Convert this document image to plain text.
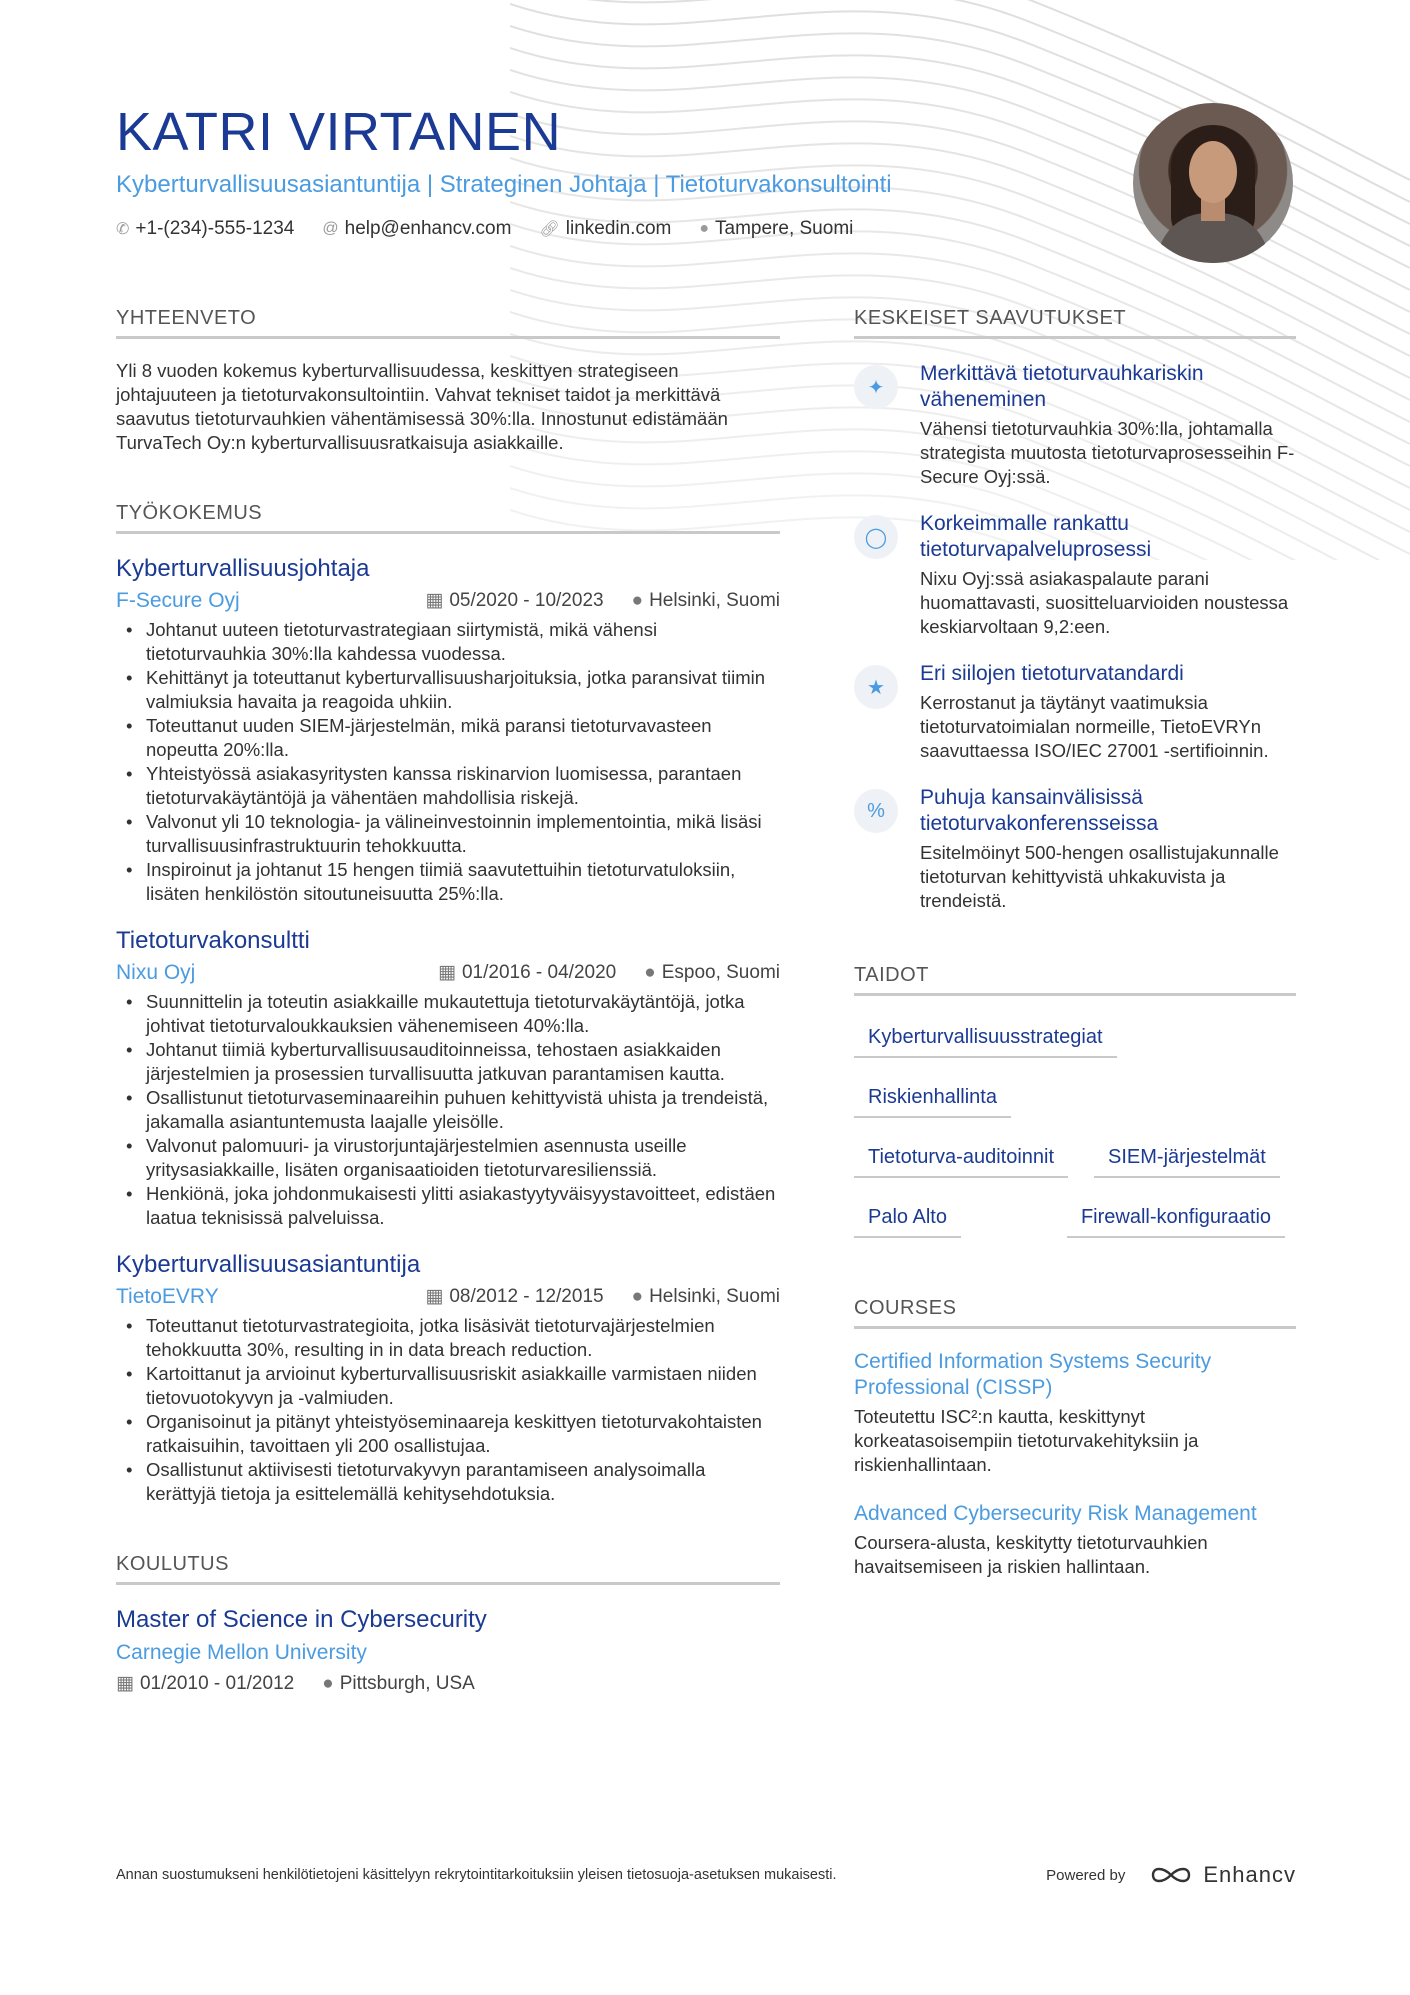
KATRI VIRTANEN
Kyberturvallisuusasiantuntija | Strateginen Johtaja | Tietoturvakonsultointi
✆ +1-(234)-555-1234 @ help@enhancv.com 🔗︎ linkedin.com ● Tampere, Suomi
YHTEENVETO

Yli 8 vuoden kokemus kyberturvallisuudessa, keskittyen strategiseen johtajuuteen ja tietoturvakonsultointiin. Vahvat tekniset taidot ja merkittävä saavutus tietoturvauhkien vähentämisessä 30%:lla. Innostunut edistämään TurvaTech Oy:n kyberturvallisuusratkaisuja asiakkaille.

TYÖKOKEMUS
Kyberturvallisuusjohtaja
F-Secure Oyj	▦ 05/2020 - 10/2023 ● Helsinki, Suomi
• Johtanut uuteen tietoturvastrategiaan siirtymistä, mikä vähensi tietoturvauhkia 30%:lla kahdessa vuodessa.
• Kehittänyt ja toteuttanut kyberturvallisuusharjoituksia, jotka paransivat tiimin valmiuksia havaita ja reagoida uhkiin.
• Toteuttanut uuden SIEM-järjestelmän, mikä paransi tietoturvavasteen nopeutta 20%:lla.
• Yhteistyössä asiakasyritysten kanssa riskinarvion luomisessa, parantaen tietoturvakäytäntöjä ja vähentäen mahdollisia riskejä.
• Valvonut yli 10 teknologia- ja välineinvestoinnin implementointia, mikä lisäsi turvallisuusinfrastruktuurin tehokkuutta.
• Inspiroinut ja johtanut 15 hengen tiimiä saavutettuihin tietoturvatuloksiin, lisäten henkilöstön sitoutuneisuutta 25%:lla.
Tietoturvakonsultti
Nixu Oyj	▦ 01/2016 - 04/2020 ● Espoo, Suomi
• Suunnittelin ja toteutin asiakkaille mukautettuja tietoturvakäytäntöjä, jotka johtivat tietoturvaloukkauksien vähenemiseen 40%:lla.
• Johtanut tiimiä kyberturvallisuusauditoinneissa, tehostaen asiakkaiden järjestelmien ja prosessien turvallisuutta jatkuvan parantamisen kautta.
• Osallistunut tietoturvaseminaareihin puhuen kehittyvistä uhista ja trendeistä, jakamalla asiantuntemusta laajalle yleisölle.
• Valvonut palomuuri- ja virustorjuntajärjestelmien asennusta useille yritysasiakkaille, lisäten organisaatioiden tietoturvaresilienssiä.
• Henkiönä, joka johdonmukaisesti ylitti asiakastyytyväisyystavoitteet, edistäen laatua teknisissä palveluissa.
Kyberturvallisuusasiantuntija
TietoEVRY	▦ 08/2012 - 12/2015 ● Helsinki, Suomi
• Toteuttanut tietoturvastrategioita, jotka lisäsivät tietoturvajärjestelmien tehokkuutta 30%, resulting in in data breach reduction.
• Kartoittanut ja arvioinut kyberturvallisuusriskit asiakkaille varmistaen niiden tietovuotokyvyn ja -valmiuden.
• Organisoinut ja pitänyt yhteistyöseminaareja keskittyen tietoturvakohtaisten ratkaisuihin, tavoittaen yli 200 osallistujaa.
• Osallistunut aktiivisesti tietoturvakyvyn parantamiseen analysoimalla kerättyjä tietoja ja esittelemällä kehitysehdotuksia.
KOULUTUS
Master of Science in Cybersecurity
Carnegie Mellon University
▦ 01/2010 - 01/2012 ● Pittsburgh, USA
KESKEISET SAAVUTUKSET
✦
Merkittävä tietoturvauhkariskin väheneminen
Vähensi tietoturvauhkia 30%:lla, johtamalla strategista muutosta tietoturvaprosesseihin F-Secure Oyj:ssä.
◯
Korkeimmalle rankattu tietoturvapalveluprosessi
Nixu Oyj:ssä asiakaspalaute parani huomattavasti, suositteluarvioiden noustessa keskiarvoltaan 9,2:een.
★
Eri siilojen tietoturvatandardi
Kerrostanut ja täytänyt vaatimuksia tietoturvatoimialan normeille, TietoEVRYn saavuttaessa ISO/IEC 27001 -sertifioinnin.
%
Puhuja kansainvälisissä tietoturvakonferensseissa
Esitelmöinyt 500-hengen osallistujakunnalle tietoturvan kehittyvistä uhkakuvista ja trendeistä.
TAIDOT
Kyberturvallisuusstrategiat
Riskienhallinta
Tietoturva-auditoinnit	SIEM-järjestelmät
Palo Alto	Firewall-konfiguraatio
COURSES
Certified Information Systems Security Professional (CISSP)
Toteutettu ISC²:n kautta, keskittynyt korkeatasoisempiin tietoturvakehityksiin ja riskienhallintaan.
Advanced Cybersecurity Risk Management
Coursera-alusta, keskitytty tietoturvauhkien havaitsemiseen ja riskien hallintaan.
Annan suostumukseni henkilötietojeni käsittelyyn rekrytointitarkoituksiin yleisen tietosuoja-asetuksen mukaisesti.	Powered by	Enhancv
